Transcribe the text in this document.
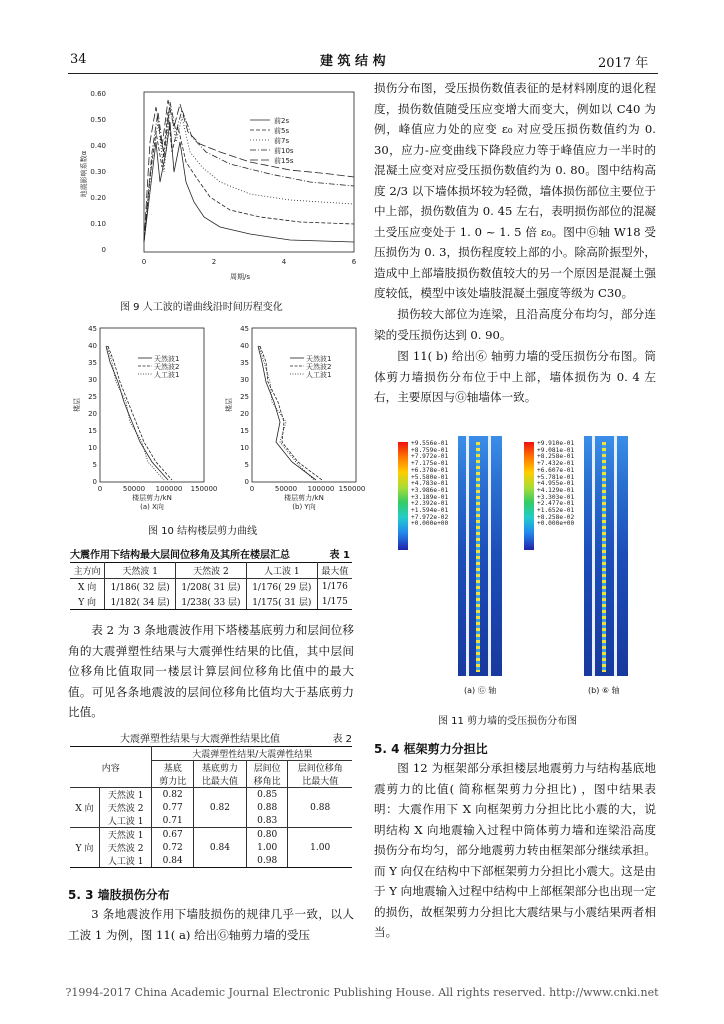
34	建 筑 结 构	2017 年
0.60
0.50
0.40
0.30
0.20
0.10
0
0	2	4	6
周期/s
地震影响系数α
前2s
前5s
前7s
前10s
前15s
图 9 人工波的谱曲线沿时间历程变化
45
40
35
30
25
20
15
10
5
0
0	50000 100000 150000
楼层剪力/kN
(a) X向
楼层
天然波1
天然波2
人工波1
45
40
35
30
25
20
15
10
5
0
0	50000 100000 150000
楼层剪力/kN
(b) Y向
楼层
天然波1
天然波2
人工波1
图 10 结构楼层剪力曲线
大震作用下结构最大层间位移角及其所在楼层汇总	表 1
主方向	天然波 1	天然波 2	人工波 1	最大值
X 向	1/186( 32 层)	1/208( 31 层)	1/176( 29 层)	1/176
Y 向	1/182( 34 层)	1/238( 33 层)	1/175( 31 层)	1/175
表 2 为 3 条地震波作用下塔楼基底剪力和层间位移角的大震弹塑性结果与大震弹性结果的比值，其中层间位移角比值取同一楼层计算层间位移角比值中的最大值。可见各条地震波的层间位移角比值均大于基底剪力比值。
大震弹塑性结果与大震弹性结果比值	表 2
内容		大震弹塑性结果/大震弹性结果			
		基底	基底剪力	层间位	层间位移角
		剪力比	比最大值	移角比	比最大值
X 向	天然波 1	0.82	0.82	0.85	0.88
	天然波 2	0.77		0.88	
	人工波 1	0.71		0.83	
Y 向	天然波 1	0.67	0.84	0.80	1.00
	天然波 2	0.72		1.00	
	人工波 1	0.84		0.98	
5. 3 墙肢损伤分布
3 条地震波作用下墙肢损伤的规律几乎一致，以人工波 1 为例，图 11( a) 给出Ⓖ轴剪力墙的受压
损伤分布图，受压损伤数值表征的是材料刚度的退化程度，损伤数值随受压应变增大而变大，例如以 C40 为例，峰值应力处的应变 ε₀ 对应受压损伤数值约为 0. 30，应力-应变曲线下降段应力等于峰值应力一半时的混凝土应变对应受压损伤数值约为 0. 80。图中结构高度 2/3 以下墙体损坏较为轻微，墙体损伤部位主要位于中上部，损伤数值为 0. 45 左右，表明损伤部位的混凝土受压应变处于 1. 0 ~ 1. 5 倍 ε₀。图中Ⓖ轴 W18 受压损伤为 0. 3，损伤程度较上部的小。除高阶振型外，造成中上部墙肢损伤数值较大的另一个原因是混凝土强度较低，模型中该处墙肢混凝土强度等级为 C30。
损伤较大部位为连梁，且沿高度分布均匀，部分连梁的受压损伤达到 0. 90。
图 11( b) 给出⑥ 轴剪力墙的受压损伤分布图。筒体剪力墙损伤分布位于中上部，墙体损伤为 0. 4 左右，主要原因与Ⓖ轴墙体一致。
+9.556e-01
+8.759e-01
+7.972e-01
+7.175e-01
+6.378e-01
+5.580e-01
+4.783e-01
+3.986e-01
+3.189e-01
+2.392e-01
+1.594e-01
+7.972e-02
+0.000e+00
(a) Ⓖ 轴
+9.910e-01
+9.081e-01
+8.258e-01
+7.432e-01
+6.607e-01
+5.781e-01
+4.955e-01
+4.129e-01
+3.303e-01
+2.477e-01
+1.652e-01
+8.258e-02
+0.000e+00
(b) ⑥ 轴
图 11 剪力墙的受压损伤分布图
5. 4 框架剪力分担比
图 12 为框架部分承担楼层地震剪力与结构基底地震剪力的比值( 简称框架剪力分担比) ，图中结果表明：大震作用下 X 向框架剪力分担比比小震的大，说明结构 X 向地震输入过程中筒体剪力墙和连梁沿高度损伤分布均匀，部分地震剪力转由框架部分继续承担。而 Y 向仅在结构中下部框架剪力分担比小震大。这是由于 Y 向地震输入过程中结构中上部框架部分也出现一定的损伤，故框架剪力分担比大震结果与小震结果两者相当。
?1994-2017 China Academic Journal Electronic Publishing House. All rights reserved. http://www.cnki.net
